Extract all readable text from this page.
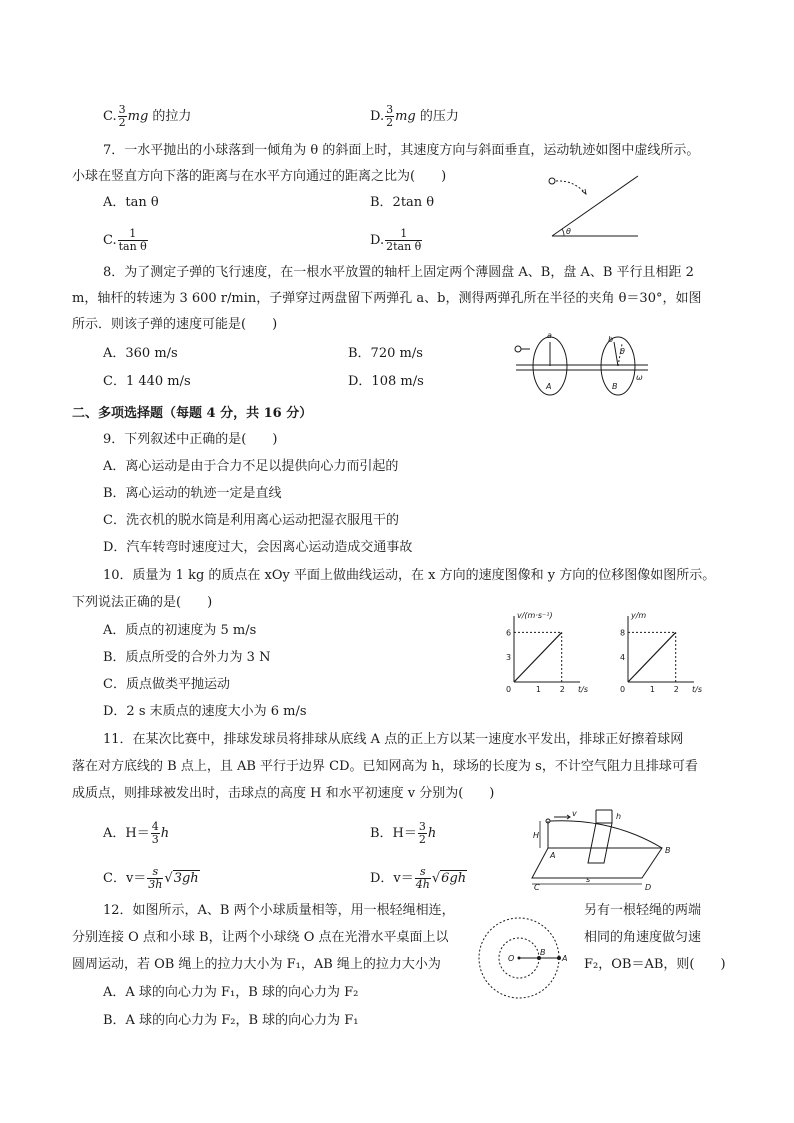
C. $\frac{3}{2}$ mg 的拉力	D. $\frac{3}{2}$ mg 的压力
7．一水平抛出的小球落到一倾角为 θ 的斜面上时，其速度方向与斜面垂直，运动轨迹如图中虚线所示。
小球在竖直方向下落的距离与在水平方向通过的距离之比为(　　)
A．tan θ	B．2tan θ
C. $\frac{1}{\text{tan θ}}$	D. $\frac{1}{\text{2tan θ}}$	θ
8．为了测定子弹的飞行速度，在一根水平放置的轴杆上固定两个薄圆盘 A、B，盘 A、B 平行且相距 2
m，轴杆的转速为 3 600 r/min，子弹穿过两盘留下两弹孔 a、b，测得两弹孔所在半径的夹角 θ＝30°，如图
所示．则该子弹的速度可能是(　　)
A．360 m/s	B．720 m/s
C．1 440 m/s	D．108 m/s
a	b
θ
A	B
ω
二、多项选择题（每题 4 分，共 16 分）
9．下列叙述中正确的是(　　)
A．离心运动是由于合力不足以提供向心力而引起的
B．离心运动的轨迹一定是直线
C．洗衣机的脱水筒是利用离心运动把湿衣服甩干的
D．汽车转弯时速度过大，会因离心运动造成交通事故
10．质量为 1 kg 的质点在 xOy 平面上做曲线运动，在 x 方向的速度图像和 y 方向的位移图像如图所示。
下列说法正确的是(　　)
A．质点的初速度为 5 m/s
B．质点所受的合外力为 3 N
C．质点做类平抛运动
D．2 s 末质点的速度大小为 6 m/s
t/s
v/(m·s⁻¹)
0	1 2
3
6
t/s
y/m
0	1 2
4
8
11．在某次比赛中，排球发球员将排球从底线 A 点的正上方以某一速度水平发出，排球正好擦着球网
落在对方底线的 B 点上，且 AB 平行于边界 CD。已知网高为 h，球场的长度为 s，不计空气阻力且排球可看
成质点，则排球被发出时，击球点的高度 H 和水平初速度 v 分别为(　　)
A．$H= \frac{4}{3}$ h	B．$H= \frac{3}{2}$ h
C．$v= \frac{s}{3h} √3gh$	D．$v= \frac{s}{4h} √6gh$
H
v	h
A
B
C	D
s
12．如图所示，A、B 两个小球质量相等，用一根轻绳相连，	另有一根轻绳的两端
分别连接 O 点和小球 B，让两个小球绕 O 点在光滑水平桌面上以	相同的角速度做匀速
圆周运动，若 OB 绳上的拉力大小为 F₁，AB 绳上的拉力大小为	F₂，OB＝AB，则(　　)
A．A 球的向心力为 F₁，B 球的向心力为 F₂
B．A 球的向心力为 F₂，B 球的向心力为 F₁
O
B
A
